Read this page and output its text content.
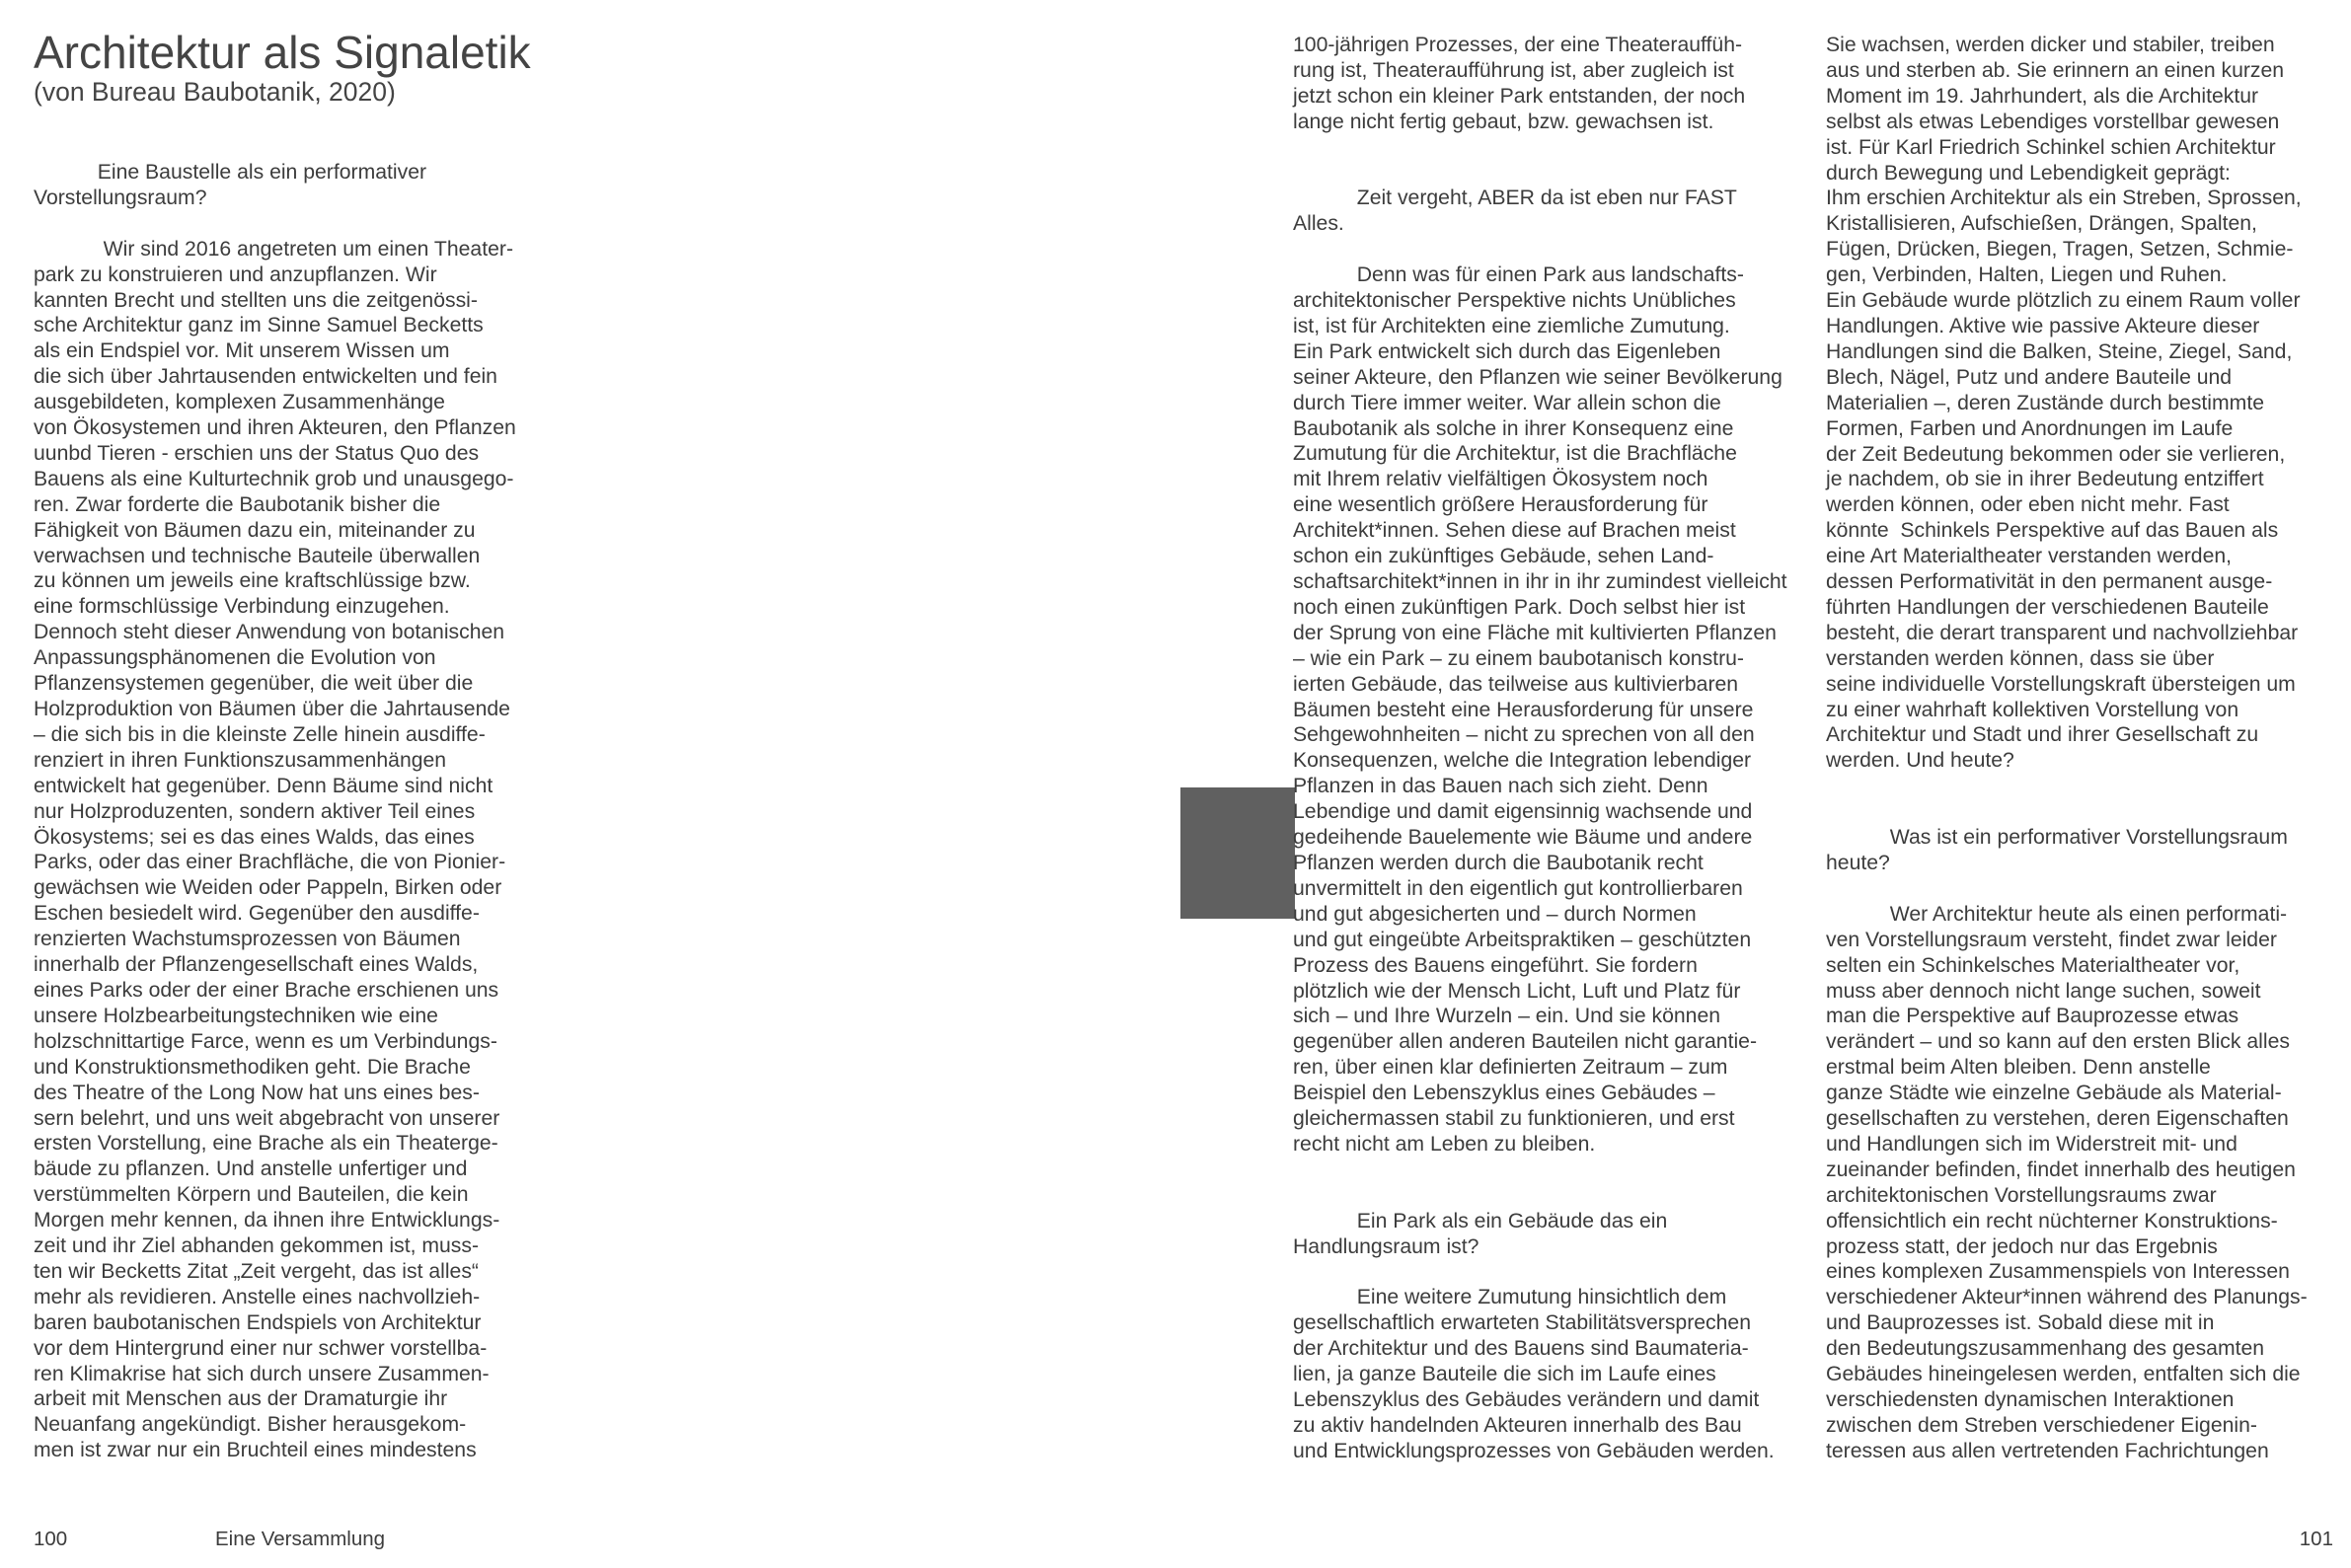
Architektur als Signaletik
(von Bureau Baubotanik, 2020)

Eine Baustelle als ein performativer
Vorstellungsraum?

Wir sind 2016 angetreten um einen Theater-
park zu konstruieren und anzupflanzen. Wir
kannten Brecht und stellten uns die zeitgenössi-
sche Architektur ganz im Sinne Samuel Becketts
als ein Endspiel vor. Mit unserem Wissen um
die sich über Jahrtausenden entwickelten und fein
ausgebildeten, komplexen Zusammenhänge
von Ökosystemen und ihren Akteuren, den Pflanzen
uunbd Tieren - erschien uns der Status Quo des
Bauens als eine Kulturtechnik grob und unausgego-
ren. Zwar forderte die Baubotanik bisher die
Fähigkeit von Bäumen dazu ein, miteinander zu
verwachsen und technische Bauteile überwallen
zu können um jeweils eine kraftschlüssige bzw.
eine formschlüssige Verbindung einzugehen.
Dennoch steht dieser Anwendung von botanischen
Anpassungsphänomenen die Evolution von
Pflanzensystemen gegenüber, die weit über die
Holzproduktion von Bäumen über die Jahrtausende
– die sich bis in die kleinste Zelle hinein ausdiffe-
renziert in ihren Funktionszusammenhängen
entwickelt hat gegenüber. Denn Bäume sind nicht
nur Holzproduzenten, sondern aktiver Teil eines
Ökosystems; sei es das eines Walds, das eines
Parks, oder das einer Brachfläche, die von Pionier-
gewächsen wie Weiden oder Pappeln, Birken oder
Eschen besiedelt wird. Gegenüber den ausdiffe-
renzierten Wachstumsprozessen von Bäumen
innerhalb der Pflanzengesellschaft eines Walds,
eines Parks oder der einer Brache erschienen uns
unsere Holzbearbeitungstechniken wie eine
holzschnittartige Farce, wenn es um Verbindungs-
und Konstruktionsmethodiken geht. Die Brache
des Theatre of the Long Now hat uns eines bes-
sern belehrt, und uns weit abgebracht von unserer
ersten Vorstellung, eine Brache als ein Theaterge-
bäude zu pflanzen. Und anstelle unfertiger und
verstümmelten Körpern und Bauteilen, die kein
Morgen mehr kennen, da ihnen ihre Entwicklungs-
zeit und ihr Ziel abhanden gekommen ist, muss-
ten wir Becketts Zitat „Zeit vergeht, das ist alles“
mehr als revidieren. Anstelle eines nachvollzieh-
baren baubotanischen Endspiels von Architektur
vor dem Hintergrund einer nur schwer vorstellba-
ren Klimakrise hat sich durch unsere Zusammen-
arbeit mit Menschen aus der Dramaturgie ihr
Neuanfang angekündigt. Bisher herausgekom-
men ist zwar nur ein Bruchteil eines mindestens

100	Eine Versammlung	101

100-jährigen Prozesses, der eine Theaterauffüh-
rung ist, Theateraufführung ist, aber zugleich ist
jetzt schon ein kleiner Park entstanden, der noch
lange nicht fertig gebaut, bzw. gewachsen ist.

Zeit vergeht, ABER da ist eben nur FAST
Alles.

Denn was für einen Park aus landschafts-
architektonischer Perspektive nichts Unübliches
ist, ist für Architekten eine ziemliche Zumutung.
Ein Park entwickelt sich durch das Eigenleben
seiner Akteure, den Pflanzen wie seiner Bevölkerung
durch Tiere immer weiter. War allein schon die
Baubotanik als solche in ihrer Konsequenz eine
Zumutung für die Architektur, ist die Brachfläche
mit Ihrem relativ vielfältigen Ökosystem noch
eine wesentlich größere Herausforderung für
Architekt*innen. Sehen diese auf Brachen meist
schon ein zukünftiges Gebäude, sehen Land-
schaftsarchitekt*innen in ihr in ihr zumindest vielleicht
noch einen zukünftigen Park. Doch selbst hier ist
der Sprung von eine Fläche mit kultivierten Pflanzen
– wie ein Park – zu einem baubotanisch konstru-
ierten Gebäude, das teilweise aus kultivierbaren
Bäumen besteht eine Herausforderung für unsere
Sehgewohnheiten – nicht zu sprechen von all den
Konsequenzen, welche die Integration lebendiger
Pflanzen in das Bauen nach sich zieht. Denn
Lebendige und damit eigensinnig wachsende und
gedeihende Bauelemente wie Bäume und andere
Pflanzen werden durch die Baubotanik recht
unvermittelt in den eigentlich gut kontrollierbaren
und gut abgesicherten und – durch Normen
und gut eingeübte Arbeitspraktiken – geschützten
Prozess des Bauens eingeführt. Sie fordern
plötzlich wie der Mensch Licht, Luft und Platz für
sich – und Ihre Wurzeln – ein. Und sie können
gegenüber allen anderen Bauteilen nicht garantie-
ren, über einen klar definierten Zeitraum – zum
Beispiel den Lebenszyklus eines Gebäudes –
gleichermassen stabil zu funktionieren, und erst
recht nicht am Leben zu bleiben.

Ein Park als ein Gebäude das ein
Handlungsraum ist?

Eine weitere Zumutung hinsichtlich dem
gesellschaftlich erwarteten Stabilitätsversprechen
der Architektur und des Bauens sind Baumateria-
lien, ja ganze Bauteile die sich im Laufe eines
Lebenszyklus des Gebäudes verändern und damit
zu aktiv handelnden Akteuren innerhalb des Bau
und Entwicklungsprozesses von Gebäuden werden.

Sie wachsen, werden dicker und stabiler, treiben
aus und sterben ab. Sie erinnern an einen kurzen
Moment im 19. Jahrhundert, als die Architektur
selbst als etwas Lebendiges vorstellbar gewesen
ist. Für Karl Friedrich Schinkel schien Architektur
durch Bewegung und Lebendigkeit geprägt:
Ihm erschien Architektur als ein Streben, Sprossen,
Kristallisieren, Aufschießen, Drängen, Spalten,
Fügen, Drücken, Biegen, Tragen, Setzen, Schmie-
gen, Verbinden, Halten, Liegen und Ruhen.
Ein Gebäude wurde plötzlich zu einem Raum voller
Handlungen. Aktive wie passive Akteure dieser
Handlungen sind die Balken, Steine, Ziegel, Sand,
Blech, Nägel, Putz und andere Bauteile und
Materialien –, deren Zustände durch bestimmte
Formen, Farben und Anordnungen im Laufe
der Zeit Bedeutung bekommen oder sie verlieren,
je nachdem, ob sie in ihrer Bedeutung entziffert
werden können, oder eben nicht mehr. Fast
könnte  Schinkels Perspektive auf das Bauen als
eine Art Materialtheater verstanden werden,
dessen Performativität in den permanent ausge-
führten Handlungen der verschiedenen Bauteile
besteht, die derart transparent und nachvollziehbar
verstanden werden können, dass sie über
seine individuelle Vorstellungskraft übersteigen um
zu einer wahrhaft kollektiven Vorstellung von
Architektur und Stadt und ihrer Gesellschaft zu
werden. Und heute?

Was ist ein performativer Vorstellungsraum
heute?

Wer Architektur heute als einen performati-
ven Vorstellungsraum versteht, findet zwar leider
selten ein Schinkelsches Materialtheater vor,
muss aber dennoch nicht lange suchen, soweit
man die Perspektive auf Bauprozesse etwas
verändert – und so kann auf den ersten Blick alles
erstmal beim Alten bleiben. Denn anstelle
ganze Städte wie einzelne Gebäude als Material-
gesellschaften zu verstehen, deren Eigenschaften
und Handlungen sich im Widerstreit mit- und
zueinander befinden, findet innerhalb des heutigen
architektonischen Vorstellungsraums zwar
offensichtlich ein recht nüchterner Konstruktions-
prozess statt, der jedoch nur das Ergebnis
eines komplexen Zusammenspiels von Interessen
verschiedener Akteur*innen während des Planungs-
und Bauprozesses ist. Sobald diese mit in
den Bedeutungszusammenhang des gesamten
Gebäudes hineingelesen werden, entfalten sich die
verschiedensten dynamischen Interaktionen
zwischen dem Streben verschiedener Eigenin-
teressen aus allen vertretenden Fachrichtungen
